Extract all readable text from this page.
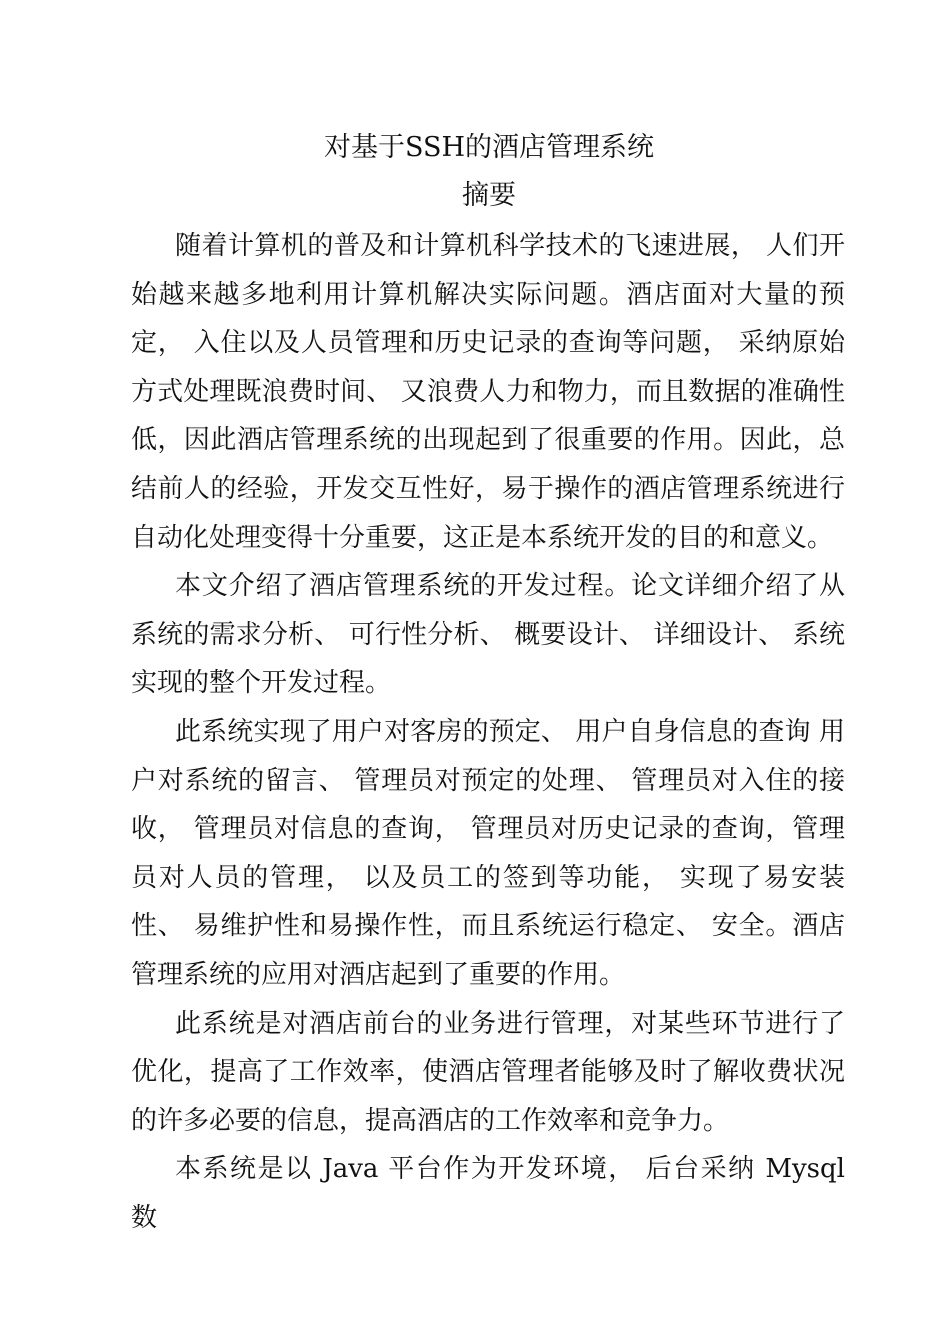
对基于SSH的酒店管理系统
摘要

随着计算机的普及和计算机科学技术的飞速进展， 人们开始越来越多地利用计算机解决实际问题。酒店面对大量的预定， 入住以及人员管理和历史记录的查询等问题， 采纳原始方式处理既浪费时间、 又浪费人力和物力，而且数据的准确性低，因此酒店管理系统的出现起到了很重要的作用。因此，总结前人的经验，开发交互性好，易于操作的酒店管理系统进行自动化处理变得十分重要，这正是本系统开发的目的和意义。

本文介绍了酒店管理系统的开发过程。论文详细介绍了从系统的需求分析、 可行性分析、 概要设计、 详细设计、 系统实现的整个开发过程。

此系统实现了用户对客房的预定、 用户自身信息的查询 用户对系统的留言、 管理员对预定的处理、 管理员对入住的接收， 管理员对信息的查询， 管理员对历史记录的查询，管理员对人员的管理， 以及员工的签到等功能， 实现了易安装性、 易维护性和易操作性，而且系统运行稳定、 安全。酒店管理系统的应用对酒店起到了重要的作用。

此系统是对酒店前台的业务进行管理，对某些环节进行了优化，提高了工作效率，使酒店管理者能够及时了解收费状况的许多必要的信息，提高酒店的工作效率和竞争力。

本系统是以 Java 平台作为开发环境， 后台采纳 Mysql 数
